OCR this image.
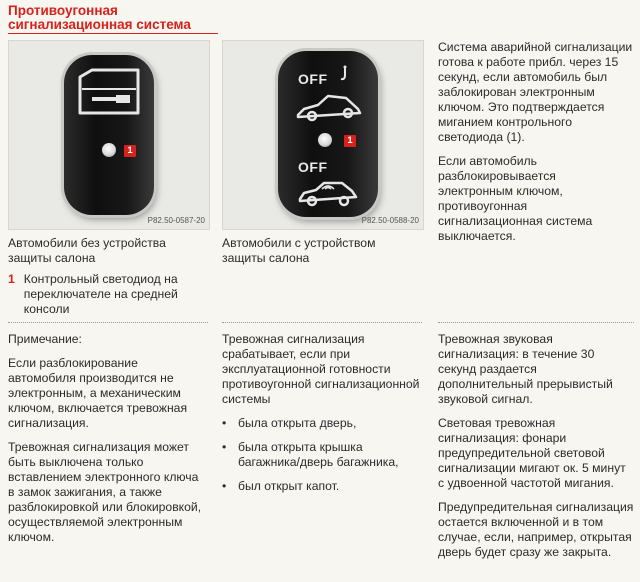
Противоугонная
сигнализационная система
1
P82.50-0587-20
OFF
1
OFF
P82.50-0588-20
Автомобили без устройства защиты салона
1 Контрольный светодиод на переключателе на средней консоли
Автомобили с устройством защиты салона

Система аварийной сигнализации готова к работе прибл. через 15 секунд, если автомобиль был заблокирован электронным ключом. Это подтверждается миганием контрольного светодиода (1).

Если автомобиль разблокировывается электронным ключом, противоугонная сигнализационная система выключается.

Примечание:

Если разблокирование автомобиля производится не электронным, а механическим ключом, включается тревожная сигнализация.

Тревожная сигнализация может быть выключена только вставлением электронного ключа в замок зажигания, а также разблокировкой или блокировкой, осуществляемой электронным ключом.

Тревожная сигнализация срабатывает, если при эксплуатационной готовности противоугонной сигнализационной системы

• была открыта дверь,
• была открыта крышка багажника/дверь багажника,
• был открыт капот.

Тревожная звуковая сигнализация: в течение 30 секунд раздается дополнительный прерывистый звуковой сигнал.

Световая тревожная сигнализация: фонари предупредительной световой сигнализации мигают ок. 5 минут с удвоенной частотой мигания.

Предупредительная сигнализация остается включенной и в том случае, если, например, открытая дверь будет сразу же закрыта.
